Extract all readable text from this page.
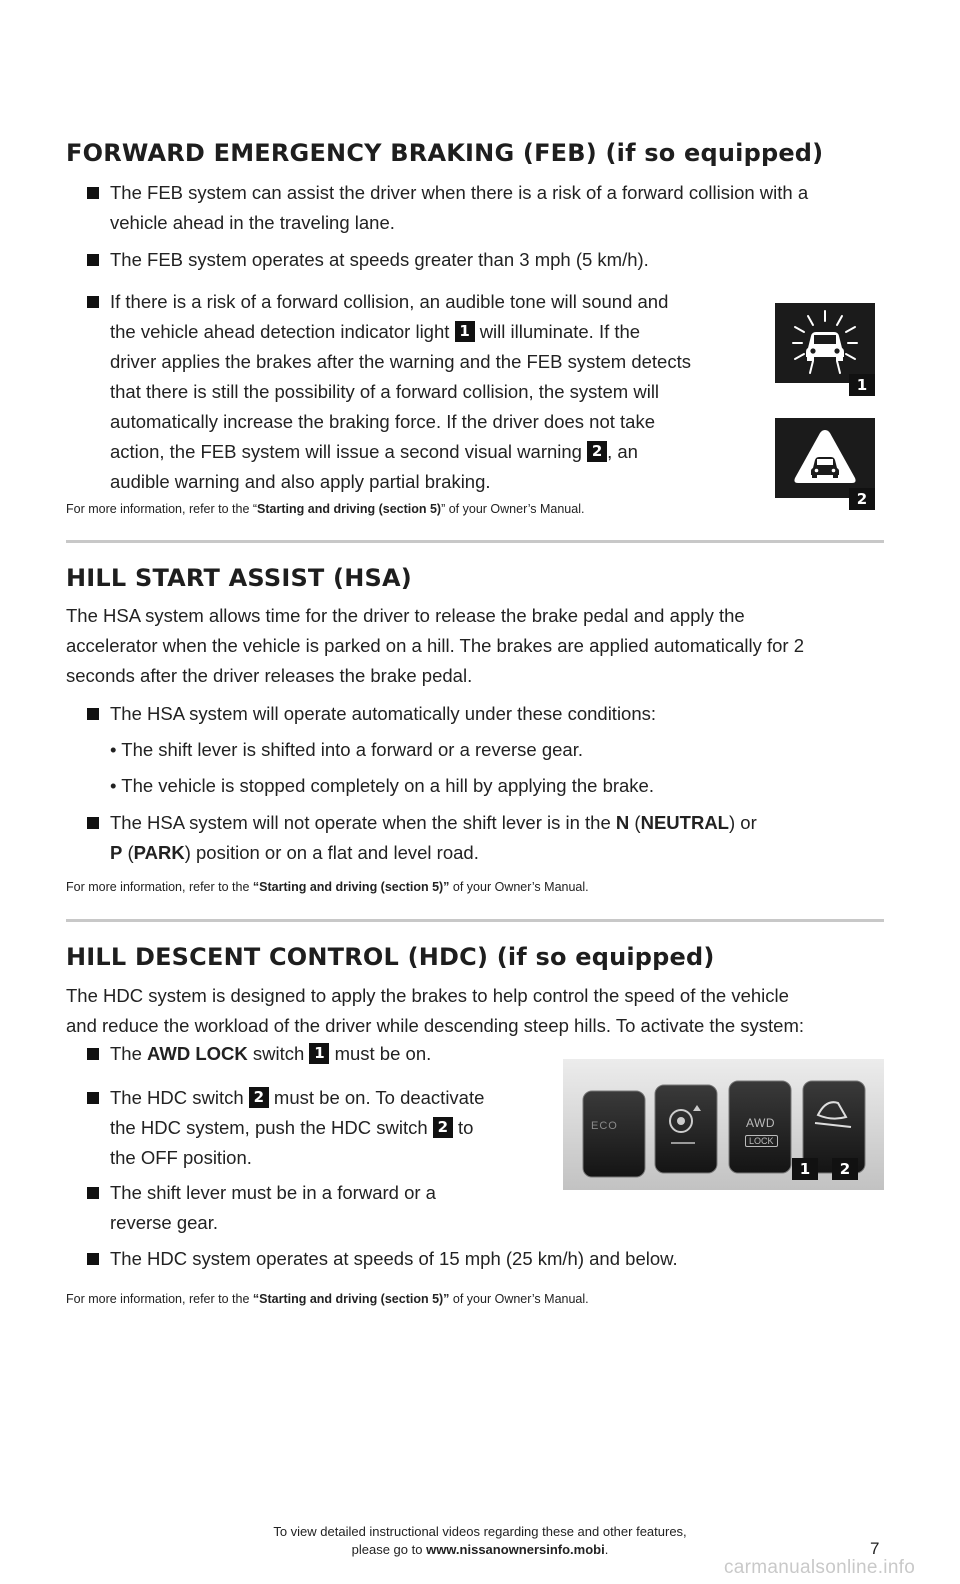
FORWARD EMERGENCY BRAKING (FEB) (if so equipped)
The FEB system can assist the driver when there is a risk of a forward collision with a
vehicle ahead in the traveling lane.
The FEB system operates at speeds greater than 3 mph (5 km/h).
If there is a risk of a forward collision, an audible tone will sound and
the vehicle ahead detection indicator light 1 will illuminate. If the
driver applies the brakes after the warning and the FEB system detects
that there is still the possibility of a forward collision, the system will
automatically increase the braking force. If the driver does not take
action, the FEB system will issue a second visual warning 2 , an
audible warning and also apply partial braking.
For more information, refer to the “Starting and driving (section 5)” of your Owner’s Manual.
1
2
HILL START ASSIST (HSA)
The HSA system allows time for the driver to release the brake pedal and apply the
accelerator when the vehicle is parked on a hill. The brakes are applied automatically for 2
seconds after the driver releases the brake pedal.
The HSA system will operate automatically under these conditions:
• The shift lever is shifted into a forward or a reverse gear.
• The vehicle is stopped completely on a hill by applying the brake.
The HSA system will not operate when the shift lever is in the N (NEUTRAL) or
P (PARK) position or on a flat and level road.
For more information, refer to the “Starting and driving (section 5)” of your Owner’s Manual.
HILL DESCENT CONTROL (HDC) (if so equipped)
The HDC system is designed to apply the brakes to help control the speed of the vehicle
and reduce the workload of the driver while descending steep hills. To activate the system:
The AWD LOCK switch 1 must be on.
The HDC switch 2 must be on. To deactivate
the HDC system, push the HDC switch 2 to
the OFF position.
The shift lever must be in a forward or a
reverse gear.
The HDC system operates at speeds of 15 mph (25 km/h) and below.
For more information, refer to the “Starting and driving (section 5)” of your Owner’s Manual.
ECO	AWD
LOCK
1	2
To view detailed instructional videos regarding these and other features,
please go to www.nissanownersinfo.mobi.	7
carmanualsonline.info
